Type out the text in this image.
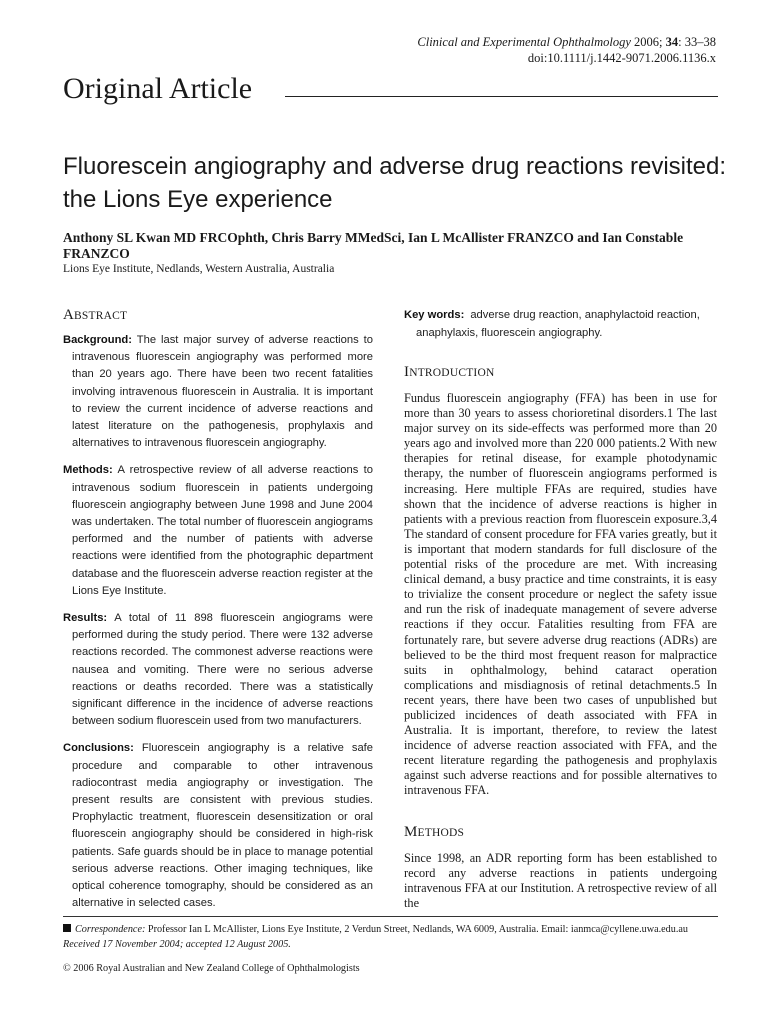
Clinical and Experimental Ophthalmology 2006; 34: 33–38
doi:10.1111/j.1442-9071.2006.1136.x
Original Article
Fluorescein angiography and adverse drug reactions revisited: the Lions Eye experience
Anthony SL Kwan MD FRCOphth, Chris Barry MMedSci, Ian L McAllister FRANZCO and Ian Constable FRANZCO
Lions Eye Institute, Nedlands, Western Australia, Australia
ABSTRACT

Background: The last major survey of adverse reactions to intravenous fluorescein angiography was performed more than 20 years ago. There have been two recent fatalities involving intravenous fluorescein in Australia. It is important to review the current incidence of adverse reactions and latest literature on the pathogenesis, prophylaxis and alternatives to intravenous fluorescein angiography.

Methods: A retrospective review of all adverse reactions to intravenous sodium fluorescein in patients undergoing fluorescein angiography between June 1998 and June 2004 was undertaken. The total number of fluorescein angiograms performed and the number of patients with adverse reactions were identified from the photographic department database and the fluorescein adverse reaction register at the Lions Eye Institute.

Results: A total of 11 898 fluorescein angiograms were performed during the study period. There were 132 adverse reactions recorded. The commonest adverse reactions were nausea and vomiting. There were no serious adverse reactions or deaths recorded. There was a statistically significant difference in the incidence of adverse reactions between sodium fluorescein used from two manufacturers.

Conclusions: Fluorescein angiography is a relative safe procedure and comparable to other intravenous radiocontrast media angiography or investigation. The present results are consistent with previous studies. Prophylactic treatment, fluorescein desensitization or oral fluorescein angiography should be considered in high-risk patients. Safe guards should be in place to manage potential serious adverse reactions. Other imaging techniques, like optical coherence tomography, should be considered as an alternative in selected cases.

Key words: adverse drug reaction, anaphylactoid reaction, anaphylaxis, fluorescein angiography.
INTRODUCTION

Fundus fluorescein angiography (FFA) has been in use for more than 30 years to assess chorioretinal disorders.1 The last major survey on its side-effects was performed more than 20 years ago and involved more than 220 000 patients.2 With new therapies for retinal disease, for example photodynamic therapy, the number of fluorescein angiograms performed is increasing. Here multiple FFAs are required, studies have shown that the incidence of adverse reactions is higher in patients with a previous reaction from fluorescein exposure.3,4 The standard of consent procedure for FFA varies greatly, but it is important that modern standards for full disclosure of the potential risks of the procedure are met. With increasing clinical demand, a busy practice and time constraints, it is easy to trivialize the consent procedure or neglect the safety issue and run the risk of inadequate management of severe adverse reactions if they occur. Fatalities resulting from FFA are fortunately rare, but severe adverse drug reactions (ADRs) are believed to be the third most frequent reason for malpractice suits in ophthalmology, behind cataract operation complications and misdiagnosis of retinal detachments.5 In recent years, there have been two cases of unpublished but publicized incidences of death associated with FFA in Australia. It is important, therefore, to review the latest incidence of adverse reaction associated with FFA, and the recent literature regarding the pathogenesis and prophylaxis against such adverse reactions and for possible alternatives to intravenous FFA.

METHODS

Since 1998, an ADR reporting form has been established to record any adverse reactions in patients undergoing intravenous FFA at our Institution. A retrospective review of all the

Correspondence: Professor Ian L McAllister, Lions Eye Institute, 2 Verdun Street, Nedlands, WA 6009, Australia. Email: ianmca@cyllene.uwa.edu.au
Received 17 November 2004; accepted 12 August 2005.
© 2006 Royal Australian and New Zealand College of Ophthalmologists
